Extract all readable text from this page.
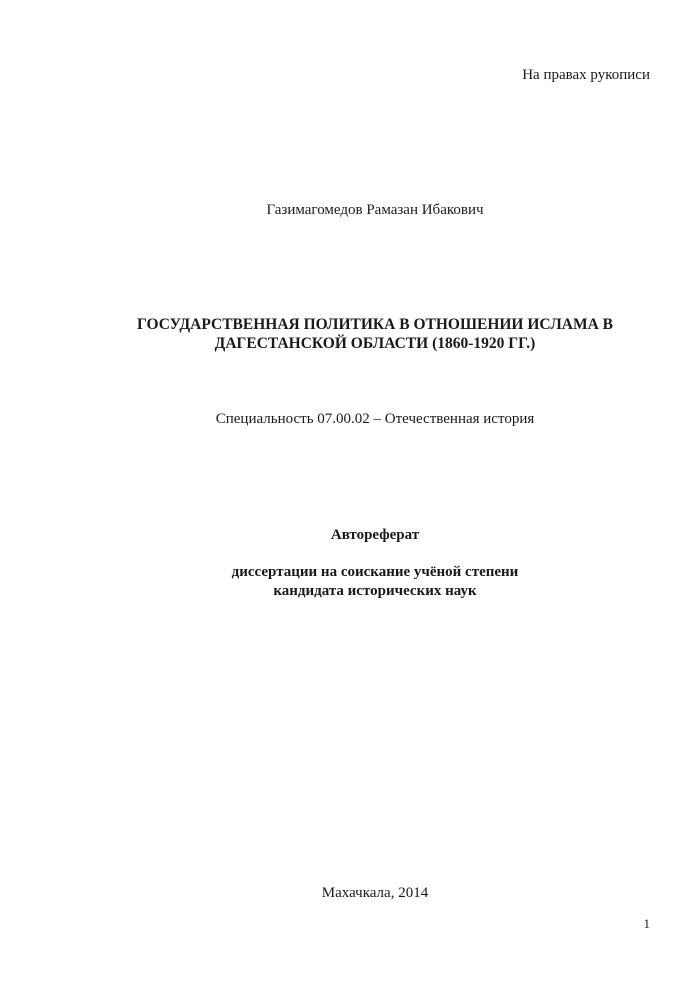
На правах рукописи
Газимагомедов Рамазан Ибакович
ГОСУДАРСТВЕННАЯ ПОЛИТИКА В ОТНОШЕНИИ ИСЛАМА В
ДАГЕСТАНСКОЙ ОБЛАСТИ (1860-1920 ГГ.)
Специальность 07.00.02 – Отечественная история
Автореферат
диссертации на соискание учёной степени
кандидата исторических наук
Махачкала, 2014
1
